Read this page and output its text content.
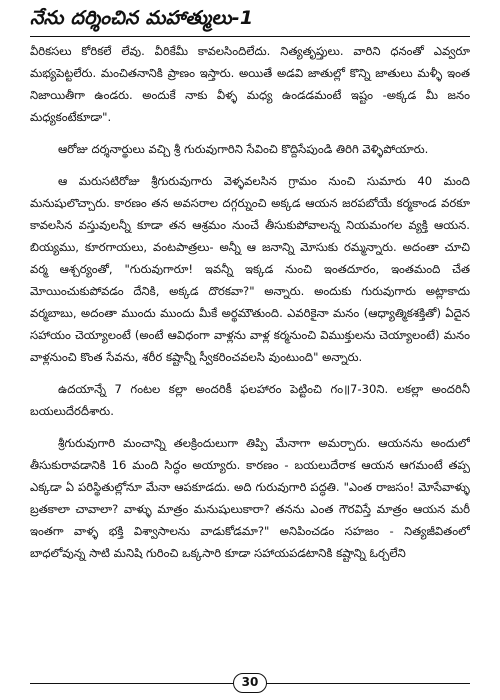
నేను దర్శించిన మహాత్ములు-1

వీరికసలు కోరికలే లేవు. వీరికేమీ కావలసిందిలేదు. నిత్యతృప్తులు. వారిని ధనంతో ఎవ్వరూ మభ్యపెట్టలేరు. మంచితనానికి ప్రాణం ఇస్తారు. అయితే అడవి జాతుల్లో కొన్ని జాతులు మళ్ళీ ఇంత నిజాయితీగా ఉండరు. అందుకే నాకు వీళ్ళ మధ్య ఉండడమంటే ఇష్టం -అక్కడ మీ జనం మధ్యకంటేకూడా".

ఆరోజు దర్శనార్థులు వచ్చి శ్రీ గురువుగారిని సేవించి కొద్దిసేపుండి తిరిగి వెళ్ళిపోయారు.

ఆ మరుసటిరోజు శ్రీగురువుగారు వెళ్ళవలసిన గ్రామం నుంచి సుమారు 40 మంది మనుషులొచ్చారు. కారణం తన అవసరాల దగ్గర్నుంచి అక్కడ ఆయన జరపబోయే కర్మకాండ వరకూ కావలసిన వస్తువులన్నీ కూడా తన ఆశ్రమం నుంచే తీసుకుపోవాలన్న నియమంగల వ్యక్తి ఆయన. బియ్యము, కూరగాయలు, వంటపాత్రలు- అన్నీ ఆ జనాన్ని మోసుకు రమ్మన్నారు. అదంతా చూచి వర్మ ఆశ్చర్యంతో, "గురువుగారూ! ఇవన్నీ ఇక్కడ నుంచి ఇంతదూరం, ఇంతమంది చేత మోయించుకుపోవడం దేనికి, అక్కడ దొరకవా?" అన్నారు. అందుకు గురువుగారు అట్లాకాదు వర్మబాబు, అదంతా ముందు ముందు మీకే అర్థమౌతుంది. ఎవరికైనా మనం (ఆధ్యాత్మికశక్తితో) ఏదైన సహాయం చెయ్యాలంటే (అంటే ఆవిధంగా వాళ్లను వాళ్ల కర్మనుంచి విముక్తులను చెయ్యాలంటే) మనం వాళ్లనుంచి కొంత సేవను, శరీర కష్టాన్నీ స్వీకరించవలసి వుంటుంది" అన్నారు.

ఉదయాన్నే 7 గంటల కల్లా అందరికీ ఫలహారం పెట్టించి గం॥7-30ని. లకల్లా అందరినీ బయలుదేరదీశారు.

శ్రీగురువుగారి మంచాన్ని తలక్రిందులుగా తిప్పి మేనాగా అమర్చారు. ఆయనను అందులో తీసుకురావడానికి 16 మంది సిద్ధం అయ్యారు. కారణం - బయలుదేరాక ఆయన ఆగమంటే తప్ప ఎక్కడా ఏ పరిస్థితుల్లోనూ మేనా ఆపకూడదు. అది గురువుగారి పద్ధతి. "ఎంత రాజసం! మోసేవాళ్ళు బ్రతకాలా చావాలా? వాళ్ళు మాత్రం మనుషులుకారా? తనను ఎంత గౌరవిస్తే మాత్రం ఆయన మరీ ఇంతగా వాళ్ళ భక్తి విశ్వాసాలను వాడుకోడమా?" అనిపించడం సహజం - నిత్యజీవితంలో బాధలోవున్న సాటి మనిషి గురించి ఒక్కసారి కూడా సహాయపడటానికి కష్టాన్ని ఓర్చలేని

30
